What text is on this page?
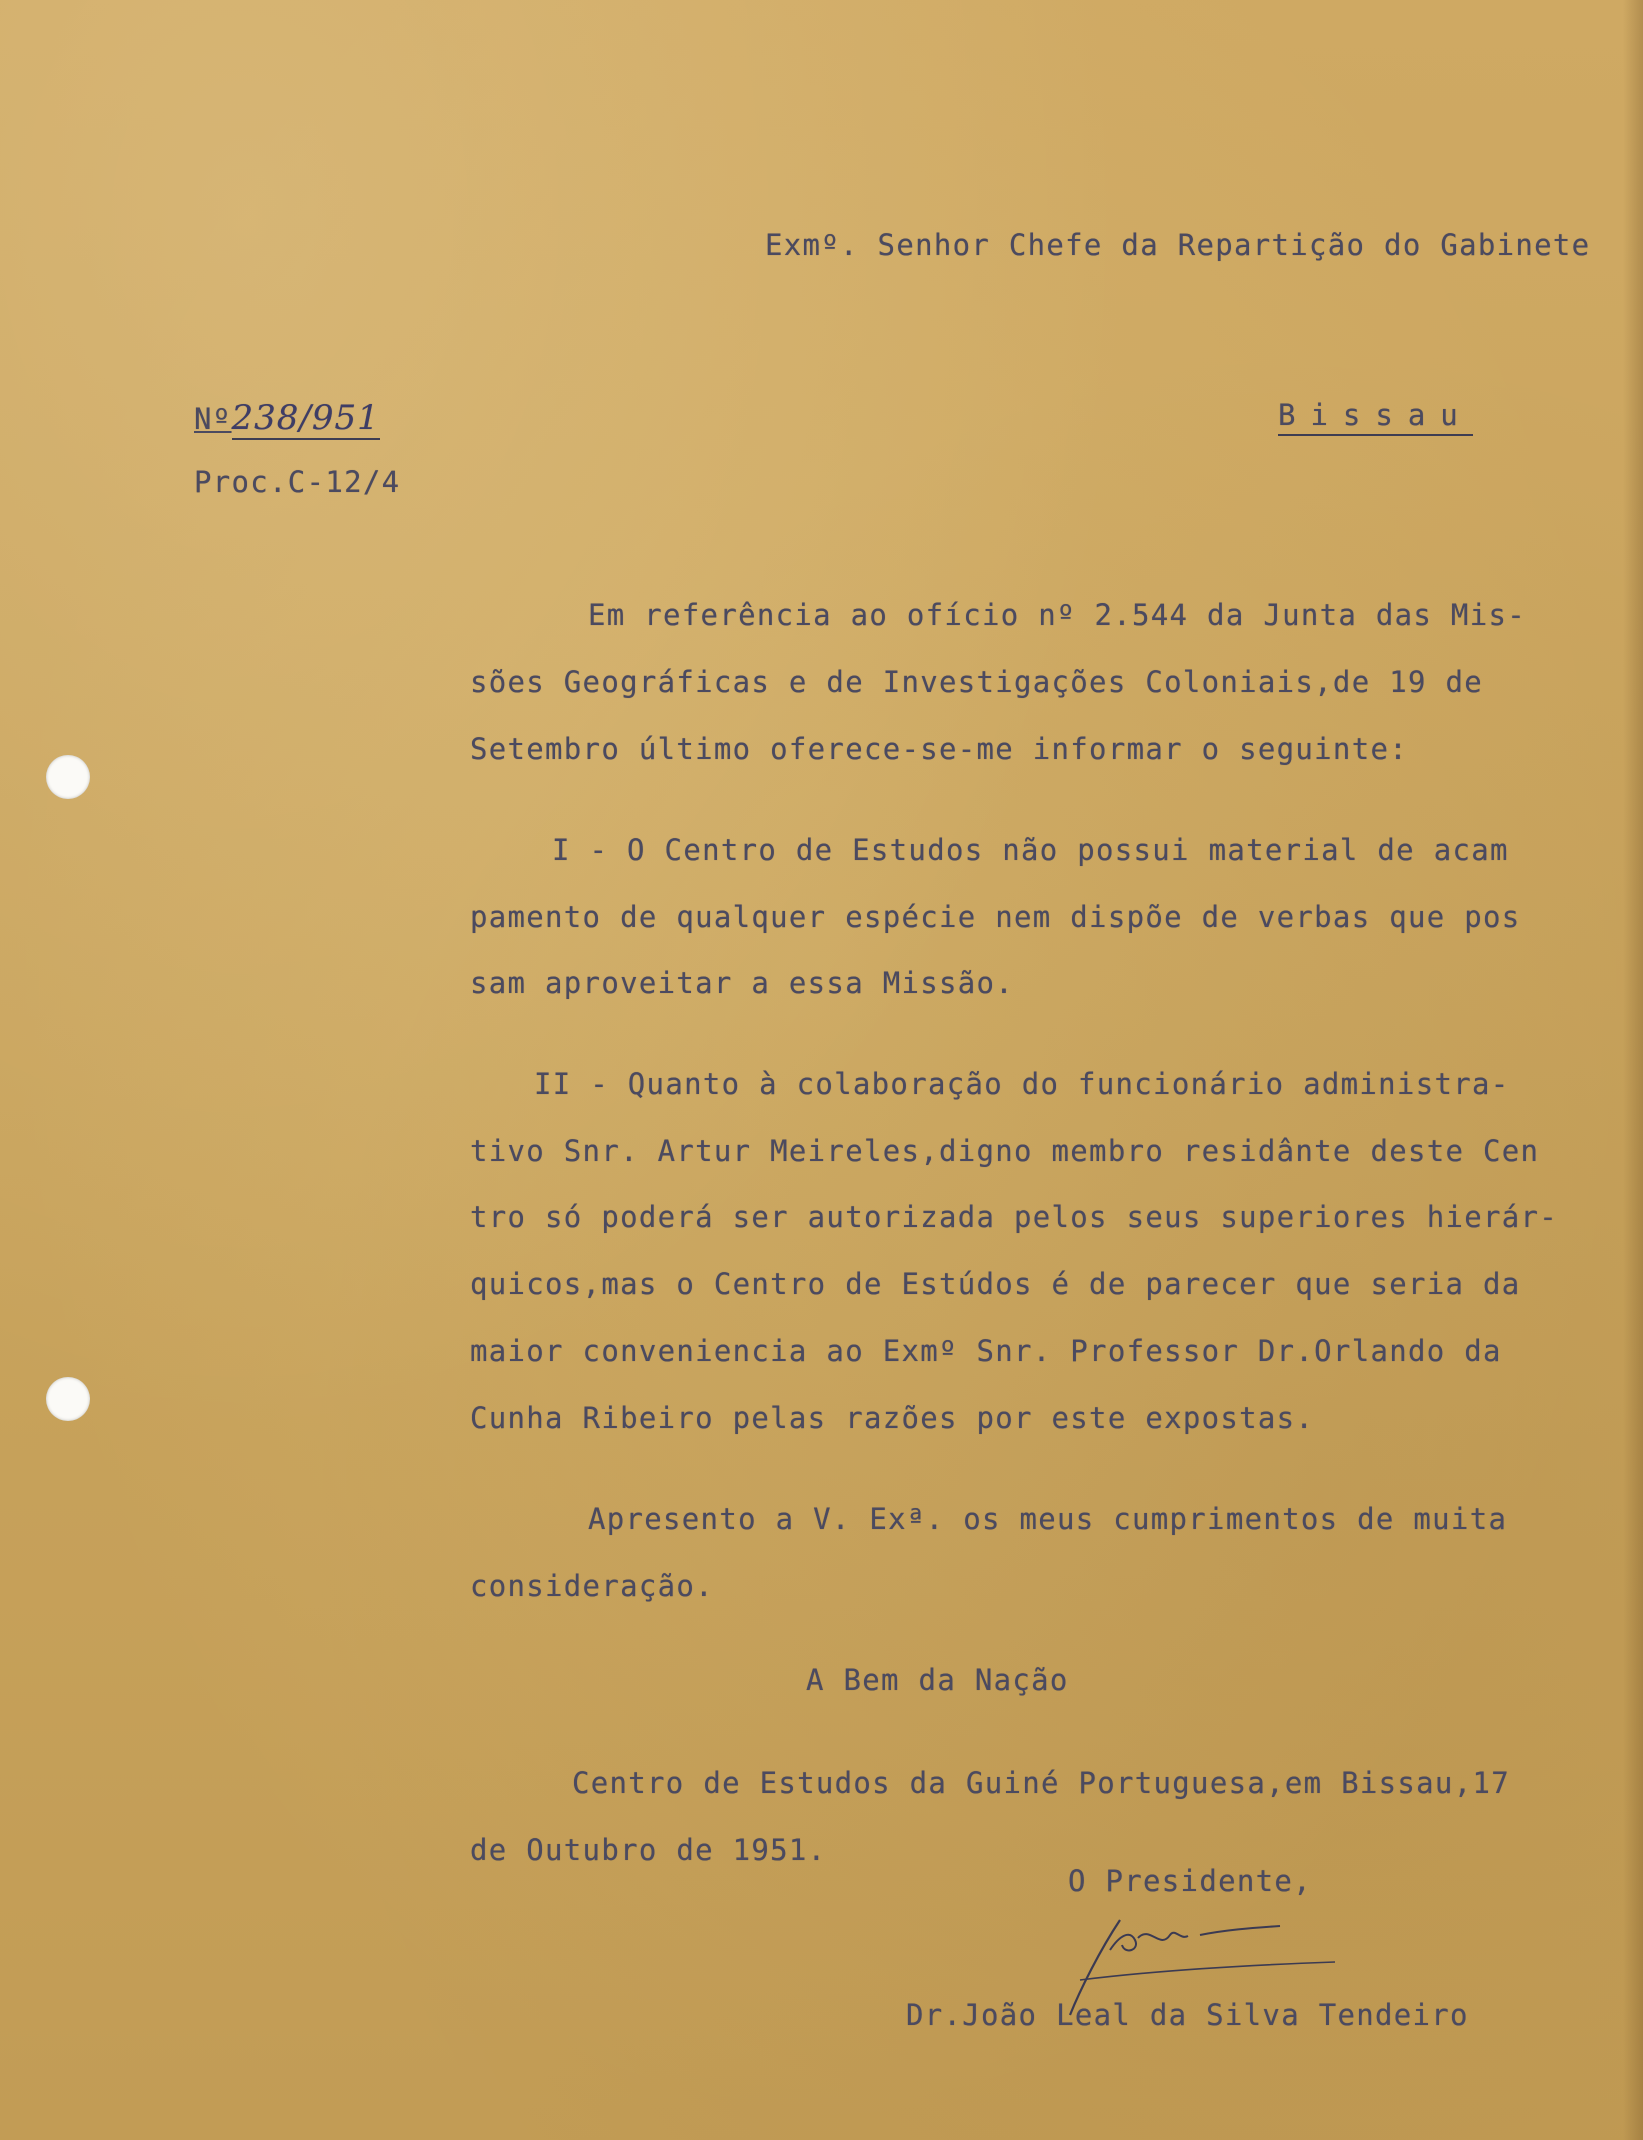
Exmº. Senhor Chefe da Repartição do Gabinete
Bissau
Nº238/951
Proc.C-12/4
Em referência ao ofício nº 2.544 da Junta das Mis-
sões Geográficas e de Investigações Coloniais,de 19 de
Setembro último oferece-se-me informar o seguinte:
I - O Centro de Estudos não possui material de acam
pamento de qualquer espécie nem dispõe de verbas que pos
sam aproveitar a essa Missão.
II - Quanto à colaboração do funcionário administra-
tivo Snr. Artur Meireles,digno membro residânte deste Cen
tro só poderá ser autorizada pelos seus superiores hierár-
quicos,mas o Centro de Estúdos é de parecer que seria da
maior conveniencia ao Exmº Snr. Professor Dr.Orlando da
Cunha Ribeiro pelas razões por este expostas.
Apresento a V. Exª. os meus cumprimentos de muita
consideração.
A Bem da Nação
Centro de Estudos da Guiné Portuguesa,em Bissau,17
de Outubro de 1951.
O Presidente,
Dr.João Leal da Silva Tendeiro
